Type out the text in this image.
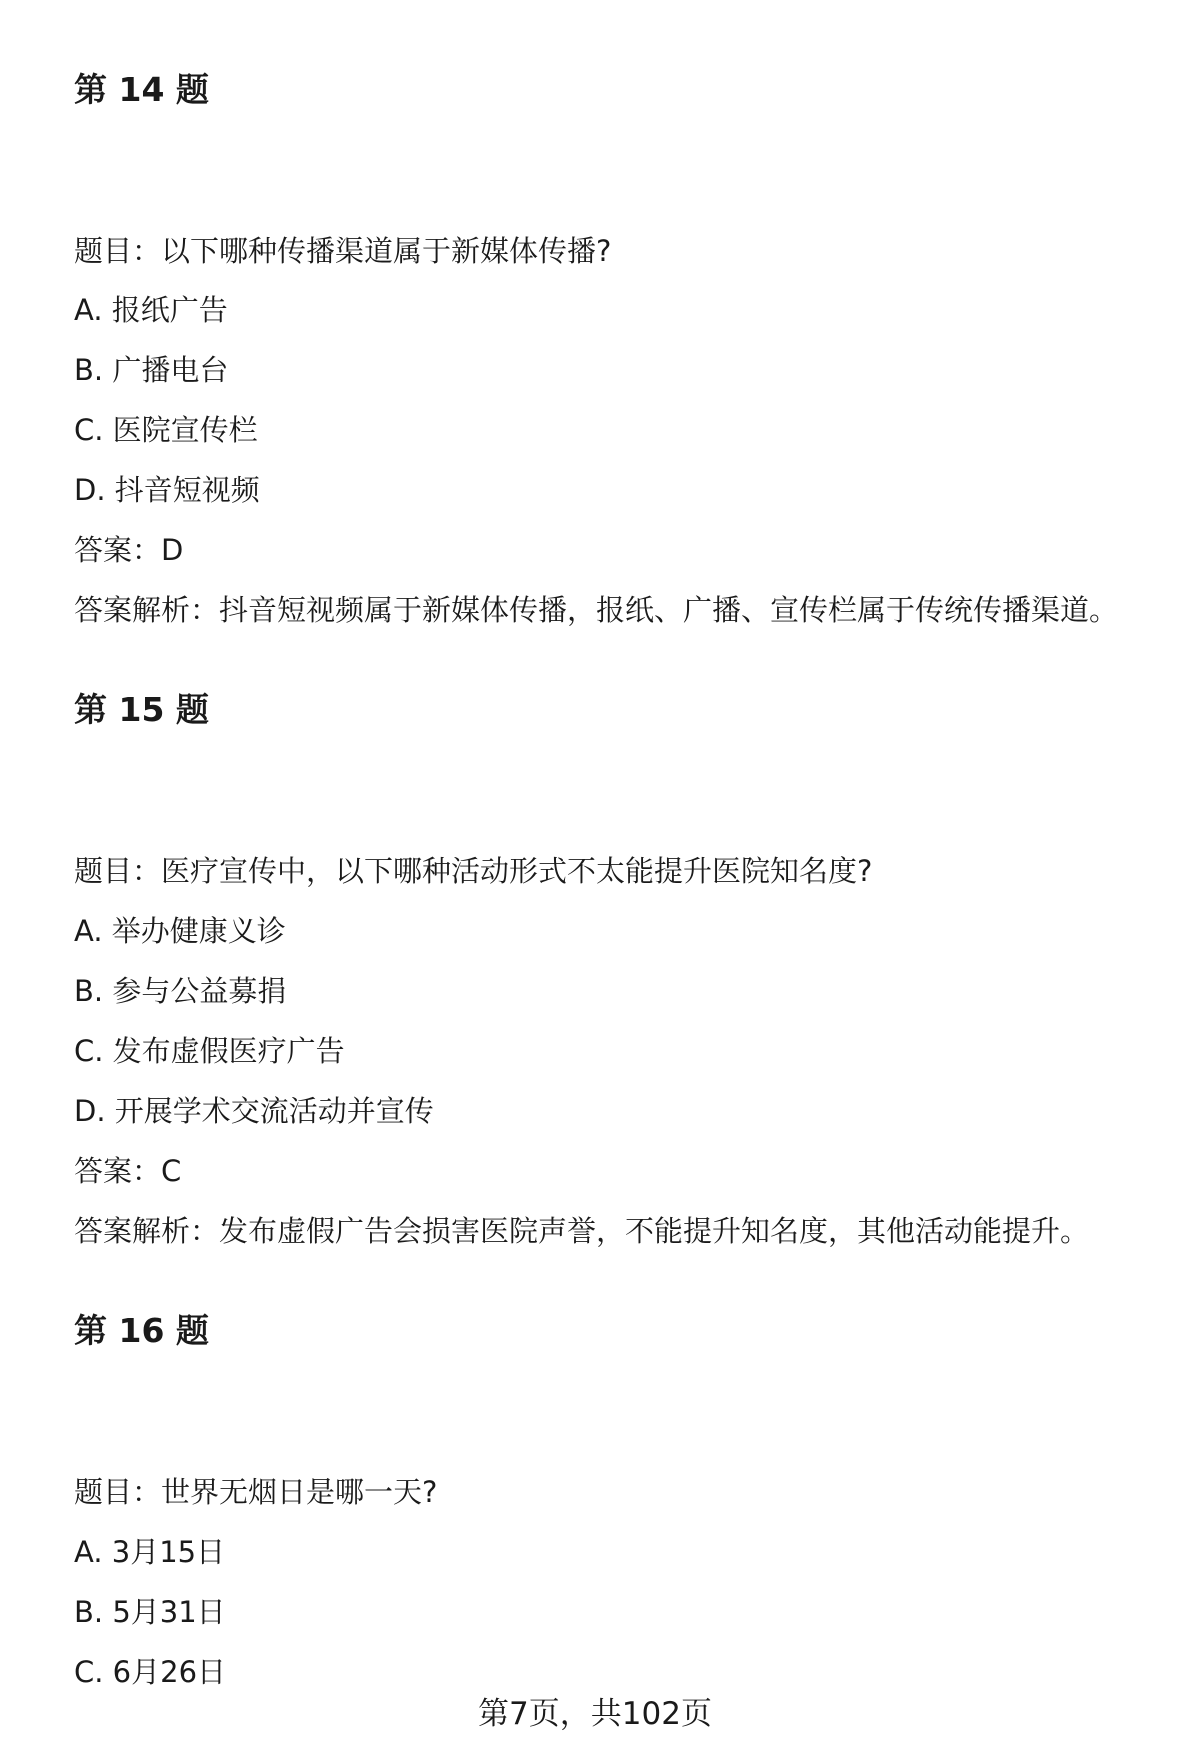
第 14 题
题目：以下哪种传播渠道属于新媒体传播?
A. 报纸广告
B. 广播电台
C. 医院宣传栏
D. 抖音短视频
答案：D
答案解析：抖音短视频属于新媒体传播，报纸、广播、宣传栏属于传统传播渠道。
第 15 题
题目：医疗宣传中，以下哪种活动形式不太能提升医院知名度?
A. 举办健康义诊
B. 参与公益募捐
C. 发布虚假医疗广告
D. 开展学术交流活动并宣传
答案：C
答案解析：发布虚假广告会损害医院声誉，不能提升知名度，其他活动能提升。
第 16 题
题目：世界无烟日是哪一天?
A. 3月15日
B. 5月31日
C. 6月26日
第7页，共102页
